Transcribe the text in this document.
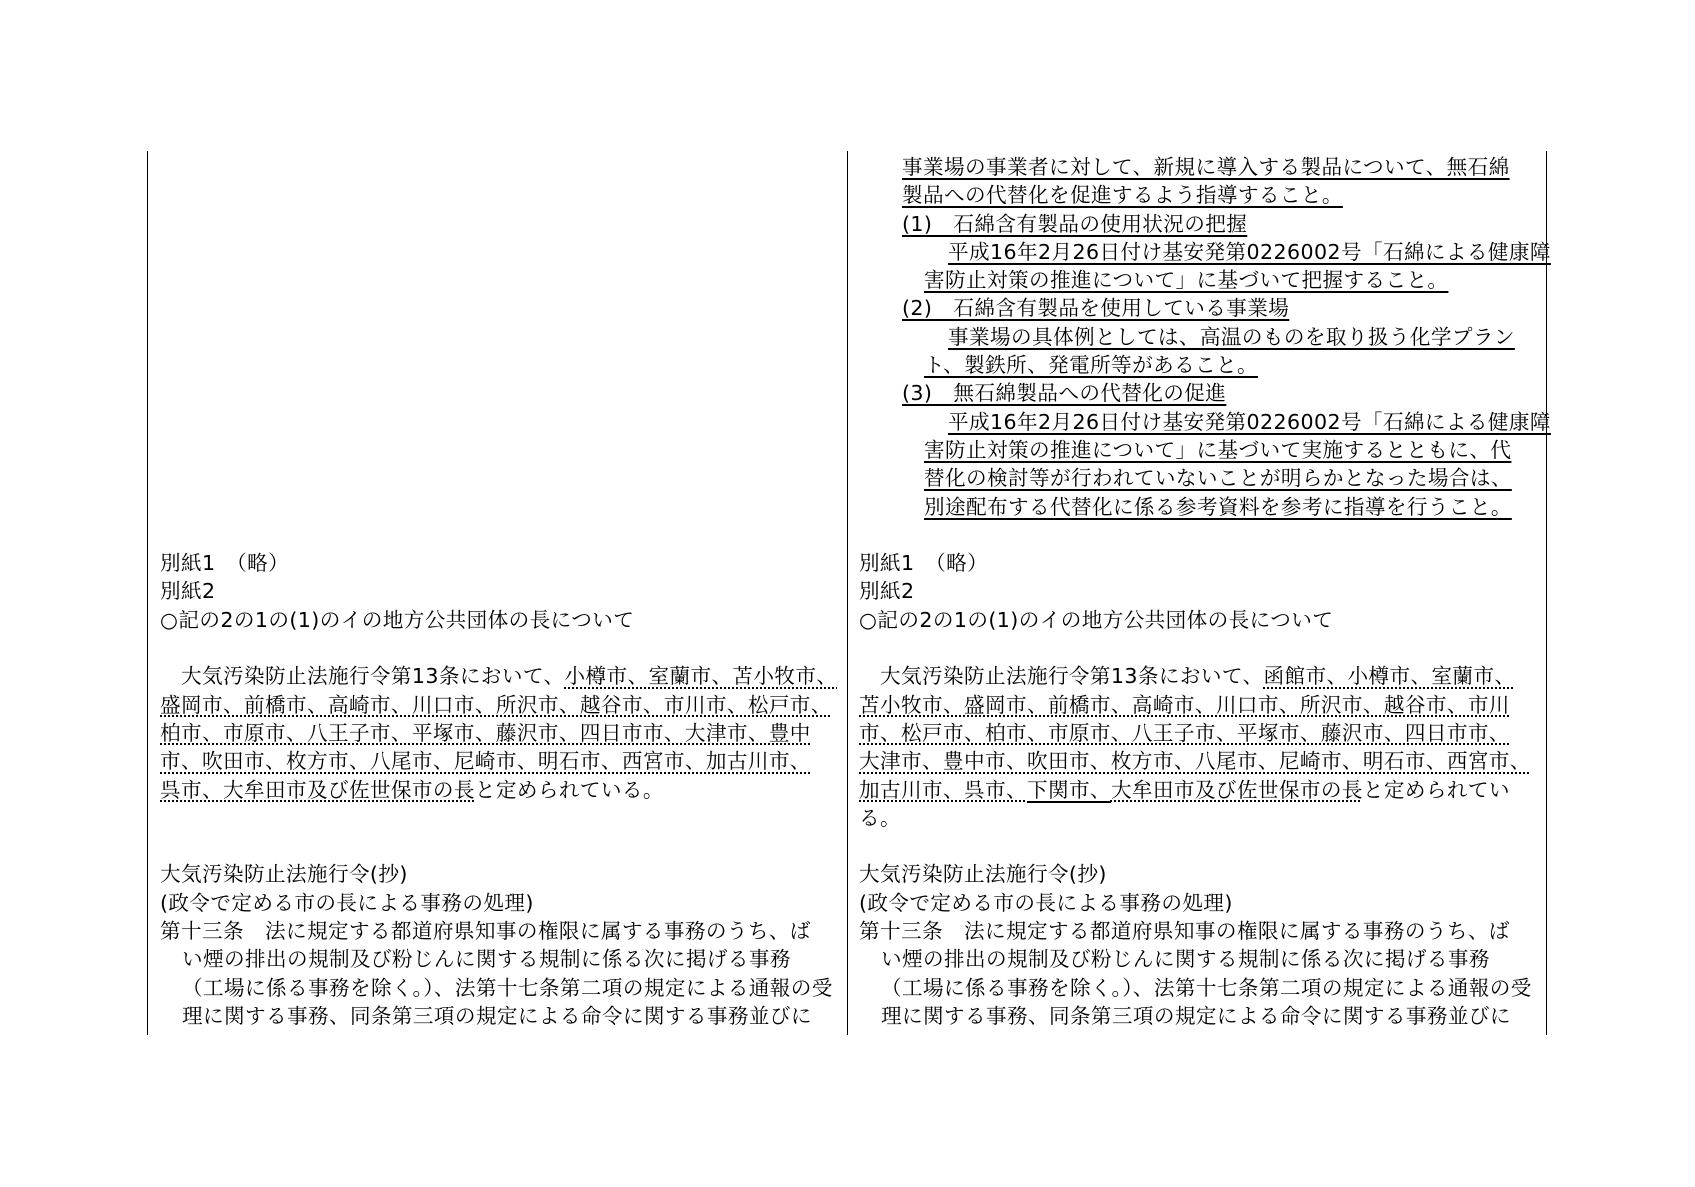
別紙1　（略）
別紙2
○記の2の1の(1)のイの地方公共団体の長について
　大気汚染防止法施行令第13条において、小樽市、室蘭市、苫小牧市、
盛岡市、前橋市、高崎市、川口市、所沢市、越谷市、市川市、松戸市、
柏市、市原市、八王子市、平塚市、藤沢市、四日市市、大津市、豊中
市、吹田市、枚方市、八尾市、尼崎市、明石市、西宮市、加古川市、
呉市、大牟田市及び佐世保市の長と定められている。
大気汚染防止法施行令(抄)
(政令で定める市の長による事務の処理)
第十三条　法に規定する都道府県知事の権限に属する事務のうち、ば
い煙の排出の規制及び粉じんに関する規制に係る次に掲げる事務
（工場に係る事務を除く。）、法第十七条第二項の規定による通報の受
理に関する事務、同条第三項の規定による命令に関する事務並びに
事業場の事業者に対して、新規に導入する製品について、無石綿
製品への代替化を促進するよう指導すること。
(1)　石綿含有製品の使用状況の把握
平成16年2月26日付け基安発第0226002号「石綿による健康障
害防止対策の推進について」に基づいて把握すること。
(2)　石綿含有製品を使用している事業場
事業場の具体例としては、高温のものを取り扱う化学プラン
ト、製鉄所、発電所等があること。
(3)　無石綿製品への代替化の促進
平成16年2月26日付け基安発第0226002号「石綿による健康障
害防止対策の推進について」に基づいて実施するとともに、代
替化の検討等が行われていないことが明らかとなった場合は、
別途配布する代替化に係る参考資料を参考に指導を行うこと。
別紙1　（略）
別紙2
○記の2の1の(1)のイの地方公共団体の長について
　大気汚染防止法施行令第13条において、函館市、小樽市、室蘭市、
苫小牧市、盛岡市、前橋市、高崎市、川口市、所沢市、越谷市、市川
市、松戸市、柏市、市原市、八王子市、平塚市、藤沢市、四日市市、
大津市、豊中市、吹田市、枚方市、八尾市、尼崎市、明石市、西宮市、
加古川市、呉市、下関市、大牟田市及び佐世保市の長と定められてい
る。
大気汚染防止法施行令(抄)
(政令で定める市の長による事務の処理)
第十三条　法に規定する都道府県知事の権限に属する事務のうち、ば
い煙の排出の規制及び粉じんに関する規制に係る次に掲げる事務
（工場に係る事務を除く。）、法第十七条第二項の規定による通報の受
理に関する事務、同条第三項の規定による命令に関する事務並びに
